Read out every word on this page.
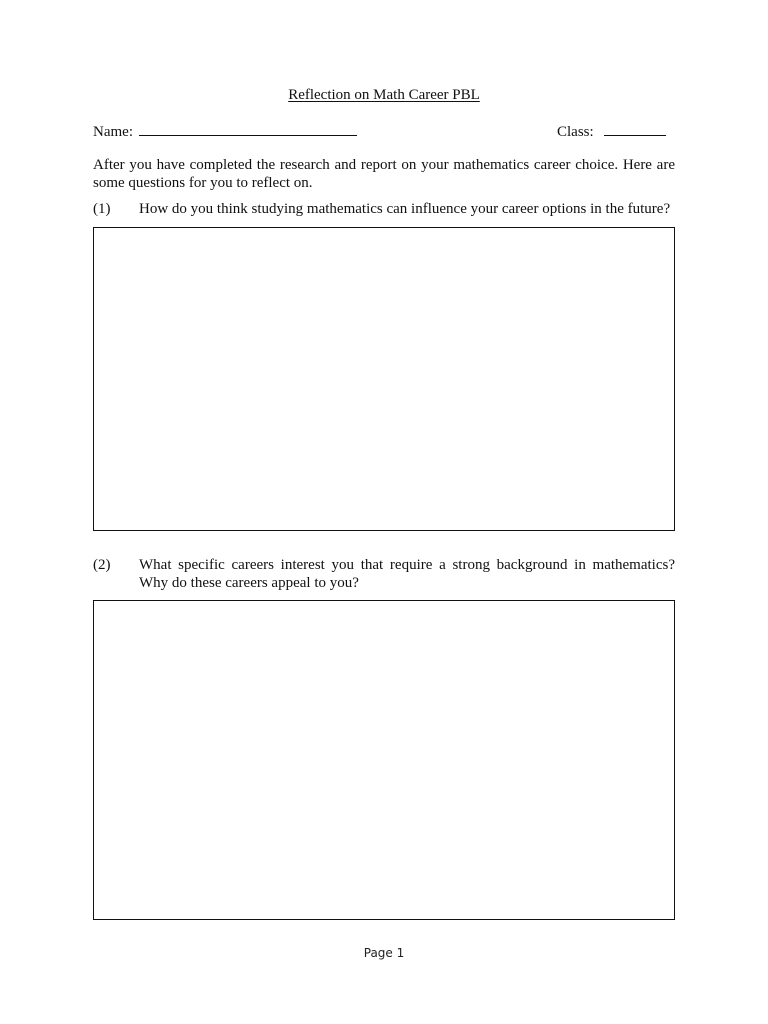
Reflection on Math Career PBL
Name:	Class:
After you have completed the research and report on your mathematics career choice. Here are some questions for you to reflect on.
(1) How do you think studying mathematics can influence your career options in the future?
(2) What specific careers interest you that require a strong background in mathematics? Why do these careers appeal to you?
Page 1
